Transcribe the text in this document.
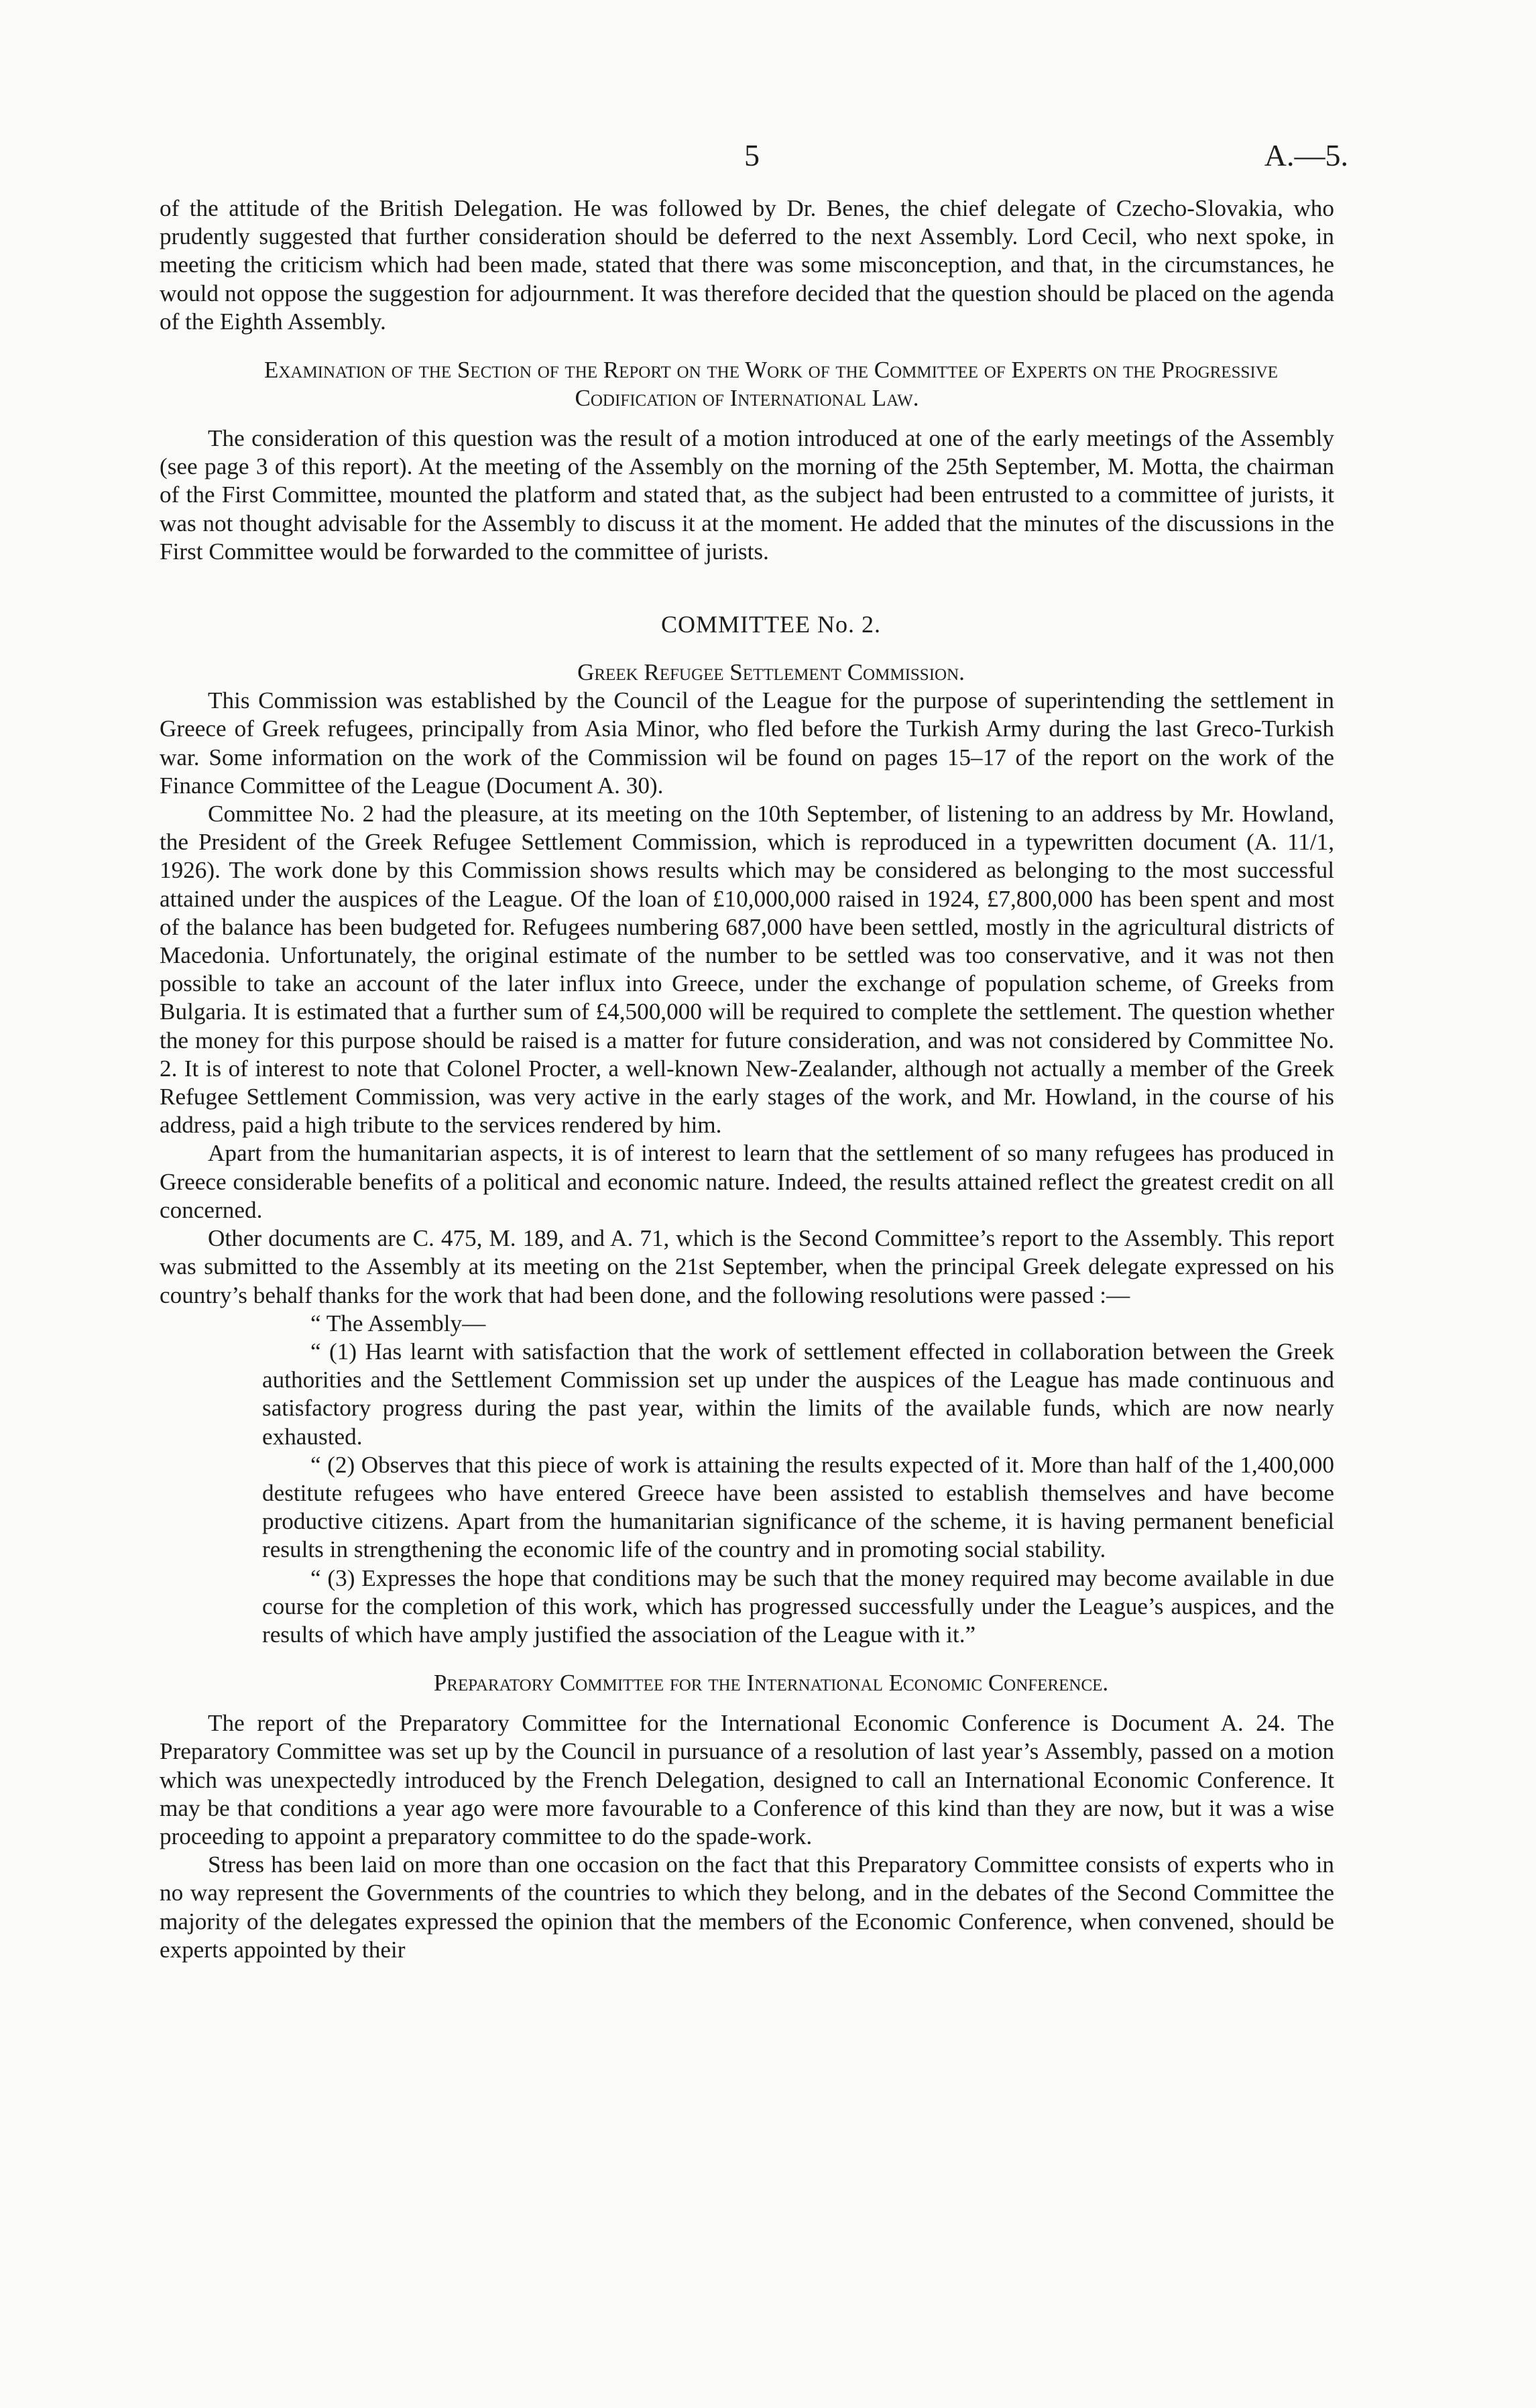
5	A.—5.

of the attitude of the British Delegation. He was followed by Dr. Benes, the chief delegate of Czecho-Slovakia, who prudently suggested that further consideration should be deferred to the next Assembly. Lord Cecil, who next spoke, in meeting the criticism which had been made, stated that there was some misconception, and that, in the circumstances, he would not oppose the suggestion for adjournment. It was therefore decided that the question should be placed on the agenda of the Eighth Assembly.

Examination of the Section of the Report on the Work of the Committee of Experts on the Progressive Codification of International Law.

The consideration of this question was the result of a motion introduced at one of the early meetings of the Assembly (see page 3 of this report). At the meeting of the Assembly on the morning of the 25th September, M. Motta, the chairman of the First Committee, mounted the platform and stated that, as the subject had been entrusted to a committee of jurists, it was not thought advisable for the Assembly to discuss it at the moment. He added that the minutes of the discussions in the First Committee would be forwarded to the committee of jurists.

COMMITTEE No. 2.

Greek Refugee Settlement Commission.

This Commission was established by the Council of the League for the purpose of superintending the settlement in Greece of Greek refugees, principally from Asia Minor, who fled before the Turkish Army during the last Greco-Turkish war. Some information on the work of the Commission wil be found on pages 15–17 of the report on the work of the Finance Committee of the League (Document A. 30).

Committee No. 2 had the pleasure, at its meeting on the 10th September, of listening to an address by Mr. Howland, the President of the Greek Refugee Settlement Commission, which is reproduced in a typewritten document (A. 11/1, 1926). The work done by this Commission shows results which may be considered as belonging to the most successful attained under the auspices of the League. Of the loan of £10,000,000 raised in 1924, £7,800,000 has been spent and most of the balance has been budgeted for. Refugees numbering 687,000 have been settled, mostly in the agricultural districts of Macedonia. Unfortunately, the original estimate of the number to be settled was too conservative, and it was not then possible to take an account of the later influx into Greece, under the exchange of population scheme, of Greeks from Bulgaria. It is estimated that a further sum of £4,500,000 will be required to complete the settlement. The question whether the money for this purpose should be raised is a matter for future consideration, and was not considered by Committee No. 2. It is of interest to note that Colonel Procter, a well-known New-Zealander, although not actually a member of the Greek Refugee Settlement Commission, was very active in the early stages of the work, and Mr. Howland, in the course of his address, paid a high tribute to the services rendered by him.

Apart from the humanitarian aspects, it is of interest to learn that the settlement of so many refugees has produced in Greece considerable benefits of a political and economic nature. Indeed, the results attained reflect the greatest credit on all concerned.

Other documents are C. 475, M. 189, and A. 71, which is the Second Committee’s report to the Assembly. This report was submitted to the Assembly at its meeting on the 21st September, when the principal Greek delegate expressed on his country’s behalf thanks for the work that had been done, and the following resolutions were passed :—

“ The Assembly—

“ (1) Has learnt with satisfaction that the work of settlement effected in collaboration between the Greek authorities and the Settlement Commission set up under the auspices of the League has made continuous and satisfactory progress during the past year, within the limits of the available funds, which are now nearly exhausted.

“ (2) Observes that this piece of work is attaining the results expected of it. More than half of the 1,400,000 destitute refugees who have entered Greece have been assisted to establish themselves and have become productive citizens. Apart from the humanitarian significance of the scheme, it is having permanent beneficial results in strengthening the economic life of the country and in promoting social stability.

“ (3) Expresses the hope that conditions may be such that the money required may become available in due course for the completion of this work, which has progressed successfully under the League’s auspices, and the results of which have amply justified the association of the League with it.”

Preparatory Committee for the International Economic Conference.

The report of the Preparatory Committee for the International Economic Conference is Document A. 24. The Preparatory Committee was set up by the Council in pursuance of a resolution of last year’s Assembly, passed on a motion which was unexpectedly introduced by the French Delegation, designed to call an International Economic Conference. It may be that conditions a year ago were more favourable to a Conference of this kind than they are now, but it was a wise proceeding to appoint a preparatory committee to do the spade-work.

Stress has been laid on more than one occasion on the fact that this Preparatory Committee consists of experts who in no way represent the Governments of the countries to which they belong, and in the debates of the Second Committee the majority of the delegates expressed the opinion that the members of the Economic Conference, when convened, should be experts appointed by their
